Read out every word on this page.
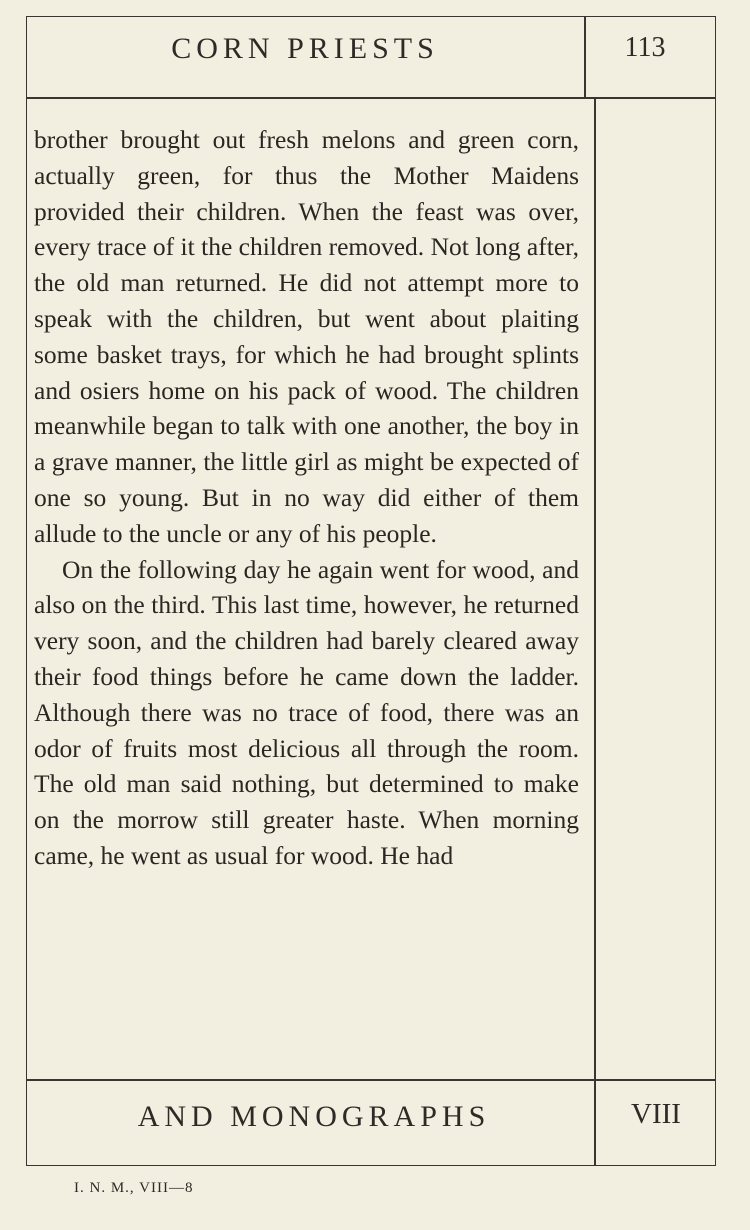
CORN PRIESTS	113

brother brought out fresh melons and green corn, actually green, for thus the Mother Maidens provided their children. When the feast was over, every trace of it the children removed. Not long after, the old man returned. He did not attempt more to speak with the children, but went about plaiting some basket trays, for which he had brought splints and osiers home on his pack of wood. The children meanwhile began to talk with one another, the boy in a grave manner, the little girl as might be expected of one so young. But in no way did either of them allude to the uncle or any of his people.

On the following day he again went for wood, and also on the third. This last time, however, he returned very soon, and the children had barely cleared away their food things before he came down the ladder. Although there was no trace of food, there was an odor of fruits most delicious all through the room. The old man said nothing, but determined to make on the morrow still greater haste. When morning came, he went as usual for wood. He had

AND MONOGRAPHS	VIII
I. N. M., VIII—8
